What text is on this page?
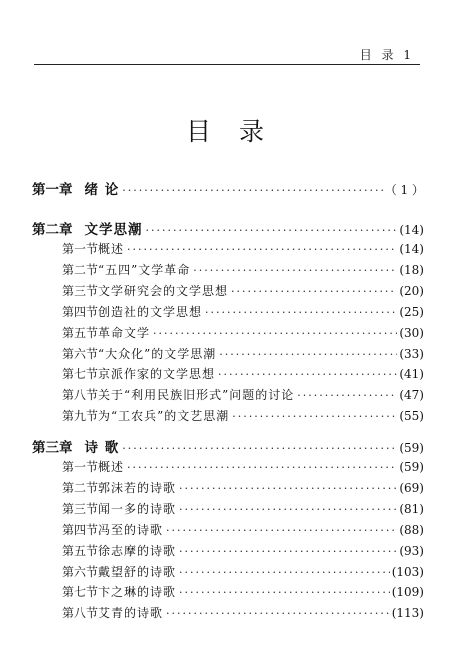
目 录 1
目录
第一章 绪 论 ·····	（ 1 ）
第二章 文学思潮 ·····	(14)
第一节 概述 ·····	(14)
第二节 “五四”文学革命 ·····	(18)
第三节 文学研究会的文学思想 ·····	(20)
第四节 创造社的文学思想 ·····	(25)
第五节 革命文学 ·····	(30)
第六节 “大众化”的文学思潮 ·····	(33)
第七节 京派作家的文学思想 ·····	(41)
第八节 关于“利用民族旧形式”问题的讨论 ·····	(47)
第九节 为“工农兵”的文艺思潮 ·····	(55)
第三章 诗 歌 ·····	(59)
第一节 概述 ·····	(59)
第二节 郭沫若的诗歌 ·····	(69)
第三节 闻一多的诗歌 ·····	(81)
第四节 冯至的诗歌 ·····	(88)
第五节 徐志摩的诗歌 ·····	(93)
第六节 戴望舒的诗歌 ·····	(103)
第七节 卞之琳的诗歌 ·····	(109)
第八节 艾青的诗歌 ·····	(113)
